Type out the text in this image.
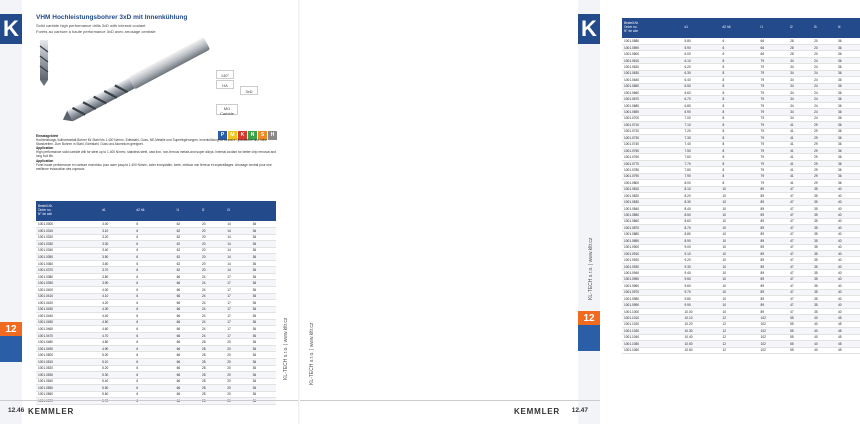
K
12
VHM Hochleistungsbohrer 3xD mit Innenkühlung
Solid carbide high performance drills 3xD with internal coolant
Forets au carbure à haute performance 3xD avec arrosage centrale
140°
HA
3xD
MG Carbide
P	M	K	N	S	H
Einsatzgebiete
Hochleistungs-Vollhartmetall-Bohrer für Stahl bis 1.400 N/mm², Edelstahl, Guss, NE-Metalle und Superlegierungen. Innenkühlung für bessere Spanabfuhr und hohe Standzeiten. Zum Bohren in Stahl, Edelstahl, Guss und Aluminium geeignet.
Application
High performance solid carbide drill for steel up to 1.400 N/mm², stainless steel, cast iron, non-ferrous metals and super alloys. Internal coolant for better chip removal and long tool life.
Application
Foret haute performance en carbure monobloc pour acier jusqu'à 1.400 N/mm², acier inoxydable, fonte, métaux non ferreux et superalliages. Arrosage central pour une meilleure évacuation des copeaux.
Bestell-Nr.
Order no.
N° de cde	d1	d2 h6	l1	l2	l3	
1001.0300	3.00	6	62	20	14	36
1001.0310	3.10	6	62	20	14	36
1001.0320	3.20	6	62	20	14	36
1001.0330	3.30	6	62	20	14	36
1001.0340	3.40	6	62	20	14	36
1001.0350	3.50	6	62	20	14	36
1001.0360	3.60	6	62	20	14	36
1001.0370	3.70	6	62	20	14	36
1001.0380	3.80	6	66	24	17	36
1001.0390	3.90	6	66	24	17	36
1001.0400	4.00	6	66	24	17	36
1001.0410	4.10	6	66	24	17	36
1001.0420	4.20	6	66	24	17	36
1001.0430	4.30	6	66	24	17	36
1001.0440	4.40	6	66	24	17	36
1001.0450	4.50	6	66	24	17	36
1001.0460	4.60	6	66	24	17	36
1001.0470	4.70	6	66	24	17	36
1001.0480	4.80	6	66	28	20	36
1001.0490	4.90	6	66	28	20	36
1001.0500	5.00	6	66	28	20	36
1001.0510	5.10	6	66	28	20	36
1001.0520	5.20	6	66	28	20	36
1001.0530	5.30	6	66	28	20	36
1001.0540	5.40	6	66	28	20	36
1001.0550	5.50	6	66	28	20	36
1001.0560	5.60	6	66	28	20	36
1001.0570	5.70	6	66	28	20	36
KL-TECH s.r.o. | www.kltr.cz
12.46 KEMMLER
K
12
Bestell-Nr.
Order no.
N° de cde	d1	d2 h6	l1	l2	l3	l4
1001.0580	5.80	6	66	28	20	36
1001.0590	5.90	6	66	28	20	36
1001.0600	6.00	6	66	28	20	36
1001.0610	6.10	8	79	34	24	36
1001.0620	6.20	8	79	34	24	36
1001.0630	6.30	8	79	34	24	36
1001.0640	6.40	8	79	34	24	36
1001.0650	6.50	8	79	34	24	36
1001.0660	6.60	8	79	34	24	36
1001.0670	6.70	8	79	34	24	36
1001.0680	6.80	8	79	34	24	36
1001.0690	6.90	8	79	34	24	36
1001.0700	7.00	8	79	34	24	36
1001.0710	7.10	8	79	41	29	36
1001.0720	7.20	8	79	41	29	36
1001.0730	7.30	8	79	41	29	36
1001.0740	7.40	8	79	41	29	36
1001.0750	7.50	8	79	41	29	36
1001.0760	7.60	8	79	41	29	36
1001.0770	7.70	8	79	41	29	36
1001.0780	7.80	8	79	41	29	36
1001.0790	7.90	8	79	41	29	36
1001.0800	8.00	8	79	41	29	36
1001.0810	8.10	10	89	47	35	40
1001.0820	8.20	10	89	47	35	40
1001.0830	8.30	10	89	47	35	40
1001.0840	8.40	10	89	47	35	40
1001.0850	8.50	10	89	47	35	40
1001.0860	8.60	10	89	47	35	40
1001.0870	8.70	10	89	47	35	40
1001.0880	8.80	10	89	47	35	40
1001.0890	8.90	10	89	47	35	40
1001.0900	9.00	10	89	47	35	40
1001.0910	9.10	10	89	47	35	40
1001.0920	9.20	10	89	47	35	40
1001.0930	9.30	10	89	47	35	40
1001.0940	9.40	10	89	47	35	40
1001.0950	9.50	10	89	47	35	40
1001.0960	9.60	10	89	47	35	40
1001.0970	9.70	10	89	47	35	40
1001.0980	9.80	10	89	47	35	40
1001.0990	9.90	10	89	47	35	40
1001.1000	10.00	10	89	47	35	40
1001.1010	10.10	12	102	55	40	45
1001.1020	10.20	12	102	55	40	45
1001.1030	10.30	12	102	55	40	45
1001.1040	10.40	12	102	55	40	45
1001.1050	10.50	12	102	55	40	45
1001.1060	10.60	12	102	55	40	45
KL-TECH s.r.o. | www.kltr.cz
KL-TECH s.r.o. | www.kltr.cz
KEMMLER 12.47
